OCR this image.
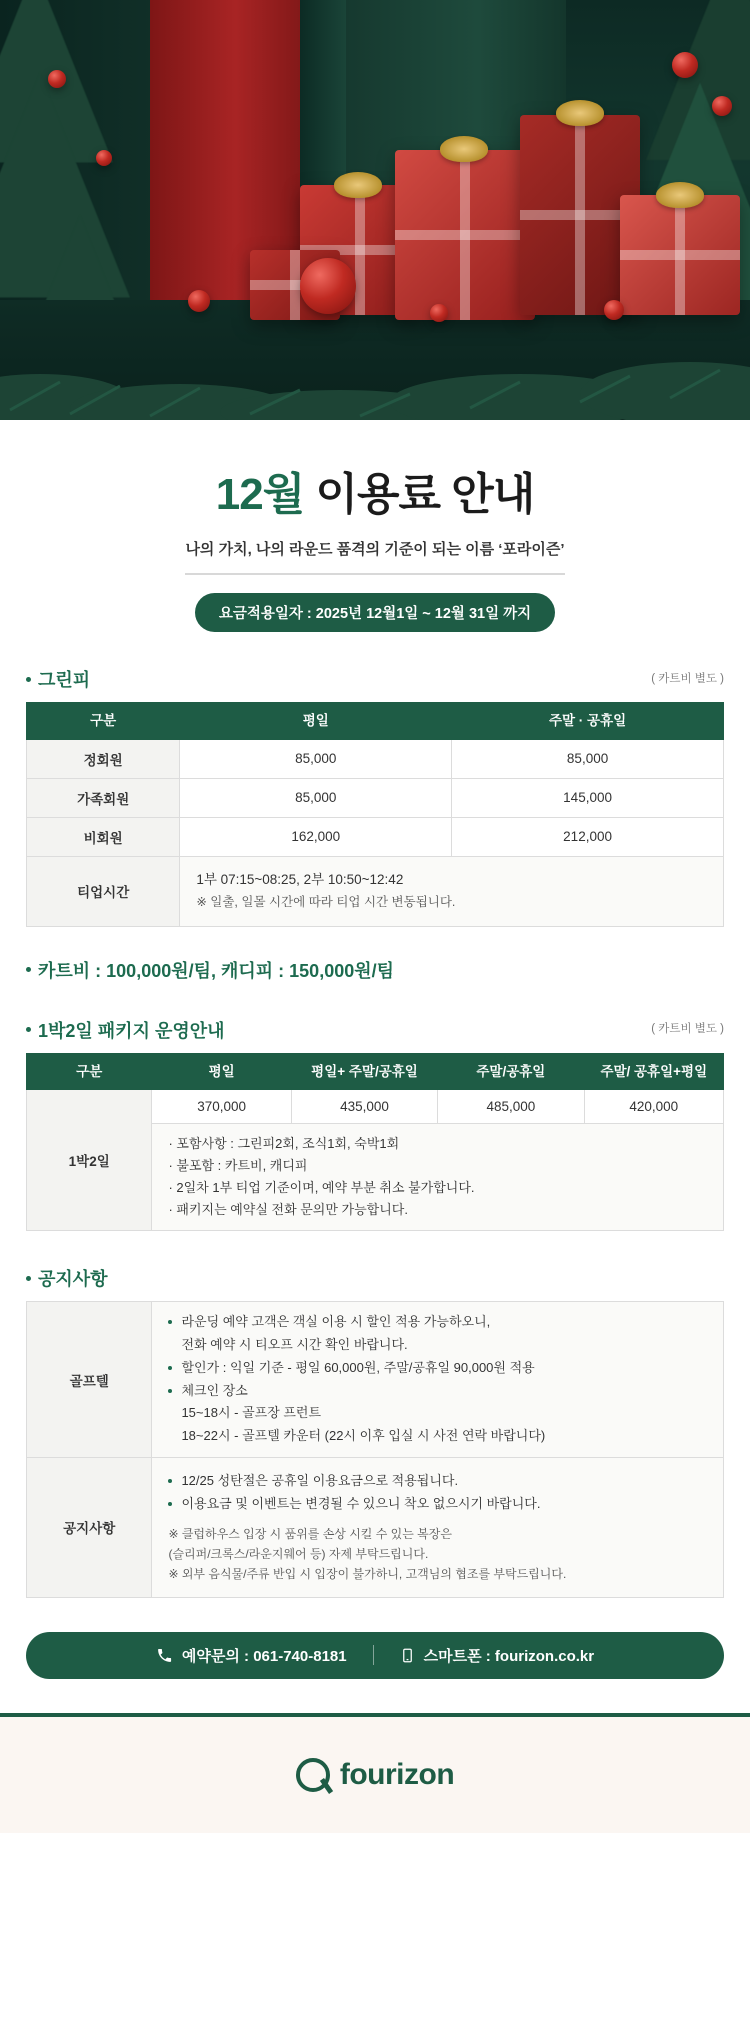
12월 이용료 안내
나의 가치, 나의 라운드 품격의 기준이 되는 이름 ‘포라이즌’
요금적용일자 : 2025년 12월1일 ~ 12월 31일 까지
그린피	( 카트비 별도 )
구분	평일	주말 · 공휴일
정회원	85,000	85,000
가족회원	85,000	145,000
비회원	162,000	212,000
티업시간	1부 07:15~08:25, 2부 10:50~12:42
※ 일출, 일몰 시간에 따라 티업 시간 변동됩니다.	
카트비 : 100,000원/팀, 캐디피 : 150,000원/팀
1박2일 패키지 운영안내	( 카트비 별도 )
구분	평일	평일+ 주말/공휴일	주말/공휴일	주말/ 공휴일+평일
1박2일	370,000	435,000	485,000	420,000

	· 포함사항 : 그린피2회, 조식1회, 숙박1회
· 불포함 : 카트비, 캐디피
· 2일차 1부 티업 기준이며, 예약 부분 취소 불가합니다.
· 패키지는 예약실 전화 문의만 가능합니다.			
공지사항
골프텔	
라운딩 예약 고객은 객실 이용 시 할인 적용 가능하오니,
전화 예약 시 티오프 시간 확인 바랍니다.
할인가 : 익일 기준 - 평일 60,000원, 주말/공휴일 90,000원 적용
체크인 장소
15~18시 - 골프장 프런트
18~22시 - 골프텔 카운터 (22시 이후 입실 시 사전 연락 바랍니다)

공지사항	
12/25 성탄절은 공휴일 이용요금으로 적용됩니다.
이용요금 및 이벤트는 변경될 수 있으니 착오 없으시기 바랍니다.
※ 클럽하우스 입장 시 품위를 손상 시킬 수 있는 복장은
(슬리퍼/크록스/라운지웨어 등) 자제 부탁드립니다.
※ 외부 음식물/주류 반입 시 입장이 불가하니, 고객님의 협조를 부탁드립니다.
예약문의 : 061-740-8181	스마트폰 : fourizon.co.kr
fourizon
